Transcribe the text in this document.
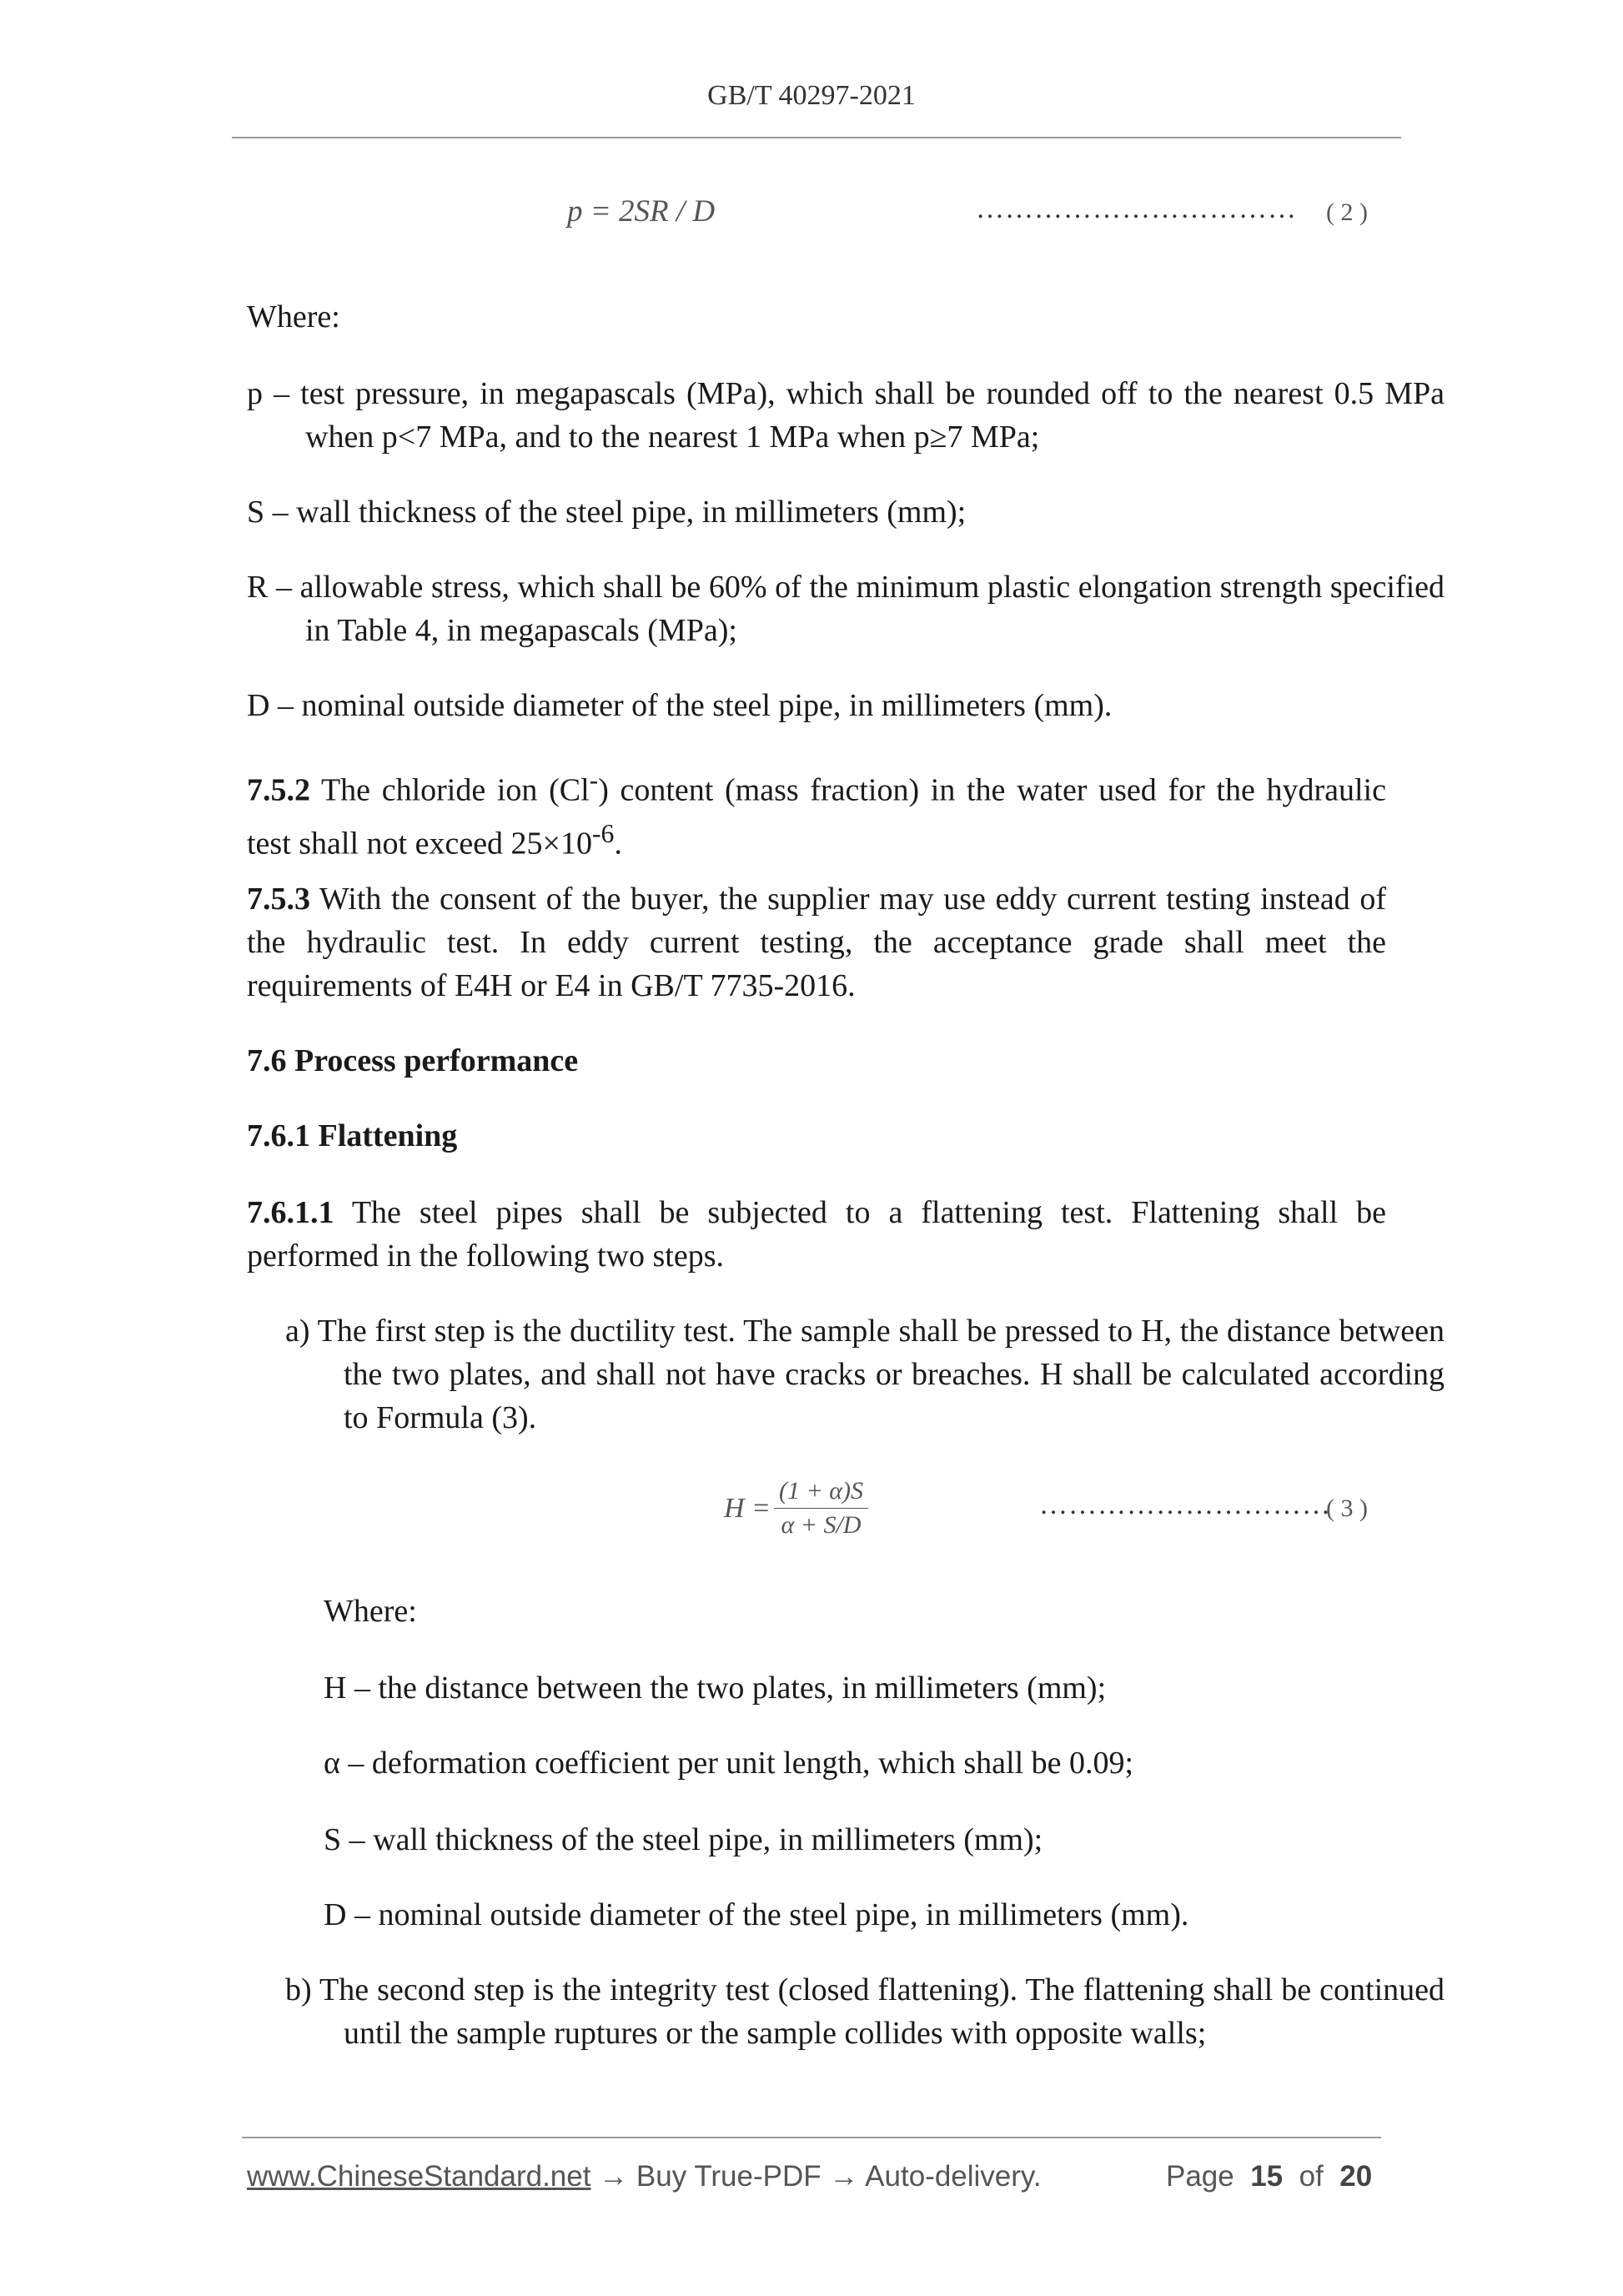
GB/T 40297-2021
p = 2SR / D	…………………………… ( 2 )
Where:
p – test pressure, in megapascals (MPa), which shall be rounded off to the nearest 0.5 MPa when p<7 MPa, and to the nearest 1 MPa when p≥7 MPa;
S – wall thickness of the steel pipe, in millimeters (mm);
R – allowable stress, which shall be 60% of the minimum plastic elongation strength specified in Table 4, in megapascals (MPa);
D – nominal outside diameter of the steel pipe, in millimeters (mm).
7.5.2 The chloride ion (Cl-) content (mass fraction) in the water used for the hydraulic test shall not exceed $25\times 10^{-6}$.
7.5.3 With the consent of the buyer, the supplier may use eddy current testing instead of the hydraulic test. In eddy current testing, the acceptance grade shall meet the requirements of E4H or E4 in GB/T 7735-2016.
7.6 Process performance
7.6.1 Flattening
7.6.1.1 The steel pipes shall be subjected to a flattening test. Flattening shall be performed in the following two steps.
a) The first step is the ductility test. The sample shall be pressed to H, the distance between the two plates, and shall not have cracks or breaches. H shall be calculated according to Formula (3).
$H = \frac{(1 + \alpha)S}{\alpha + S/D}$	…………………………
( 3 )
Where:
H – the distance between the two plates, in millimeters (mm);
α – deformation coefficient per unit length, which shall be 0.09;
S – wall thickness of the steel pipe, in millimeters (mm);
D – nominal outside diameter of the steel pipe, in millimeters (mm).
b) The second step is the integrity test (closed flattening). The flattening shall be continued until the sample ruptures or the sample collides with opposite walls;
www.ChineseStandard.net → Buy True-PDF → Auto-delivery.	Page 15 of 20
